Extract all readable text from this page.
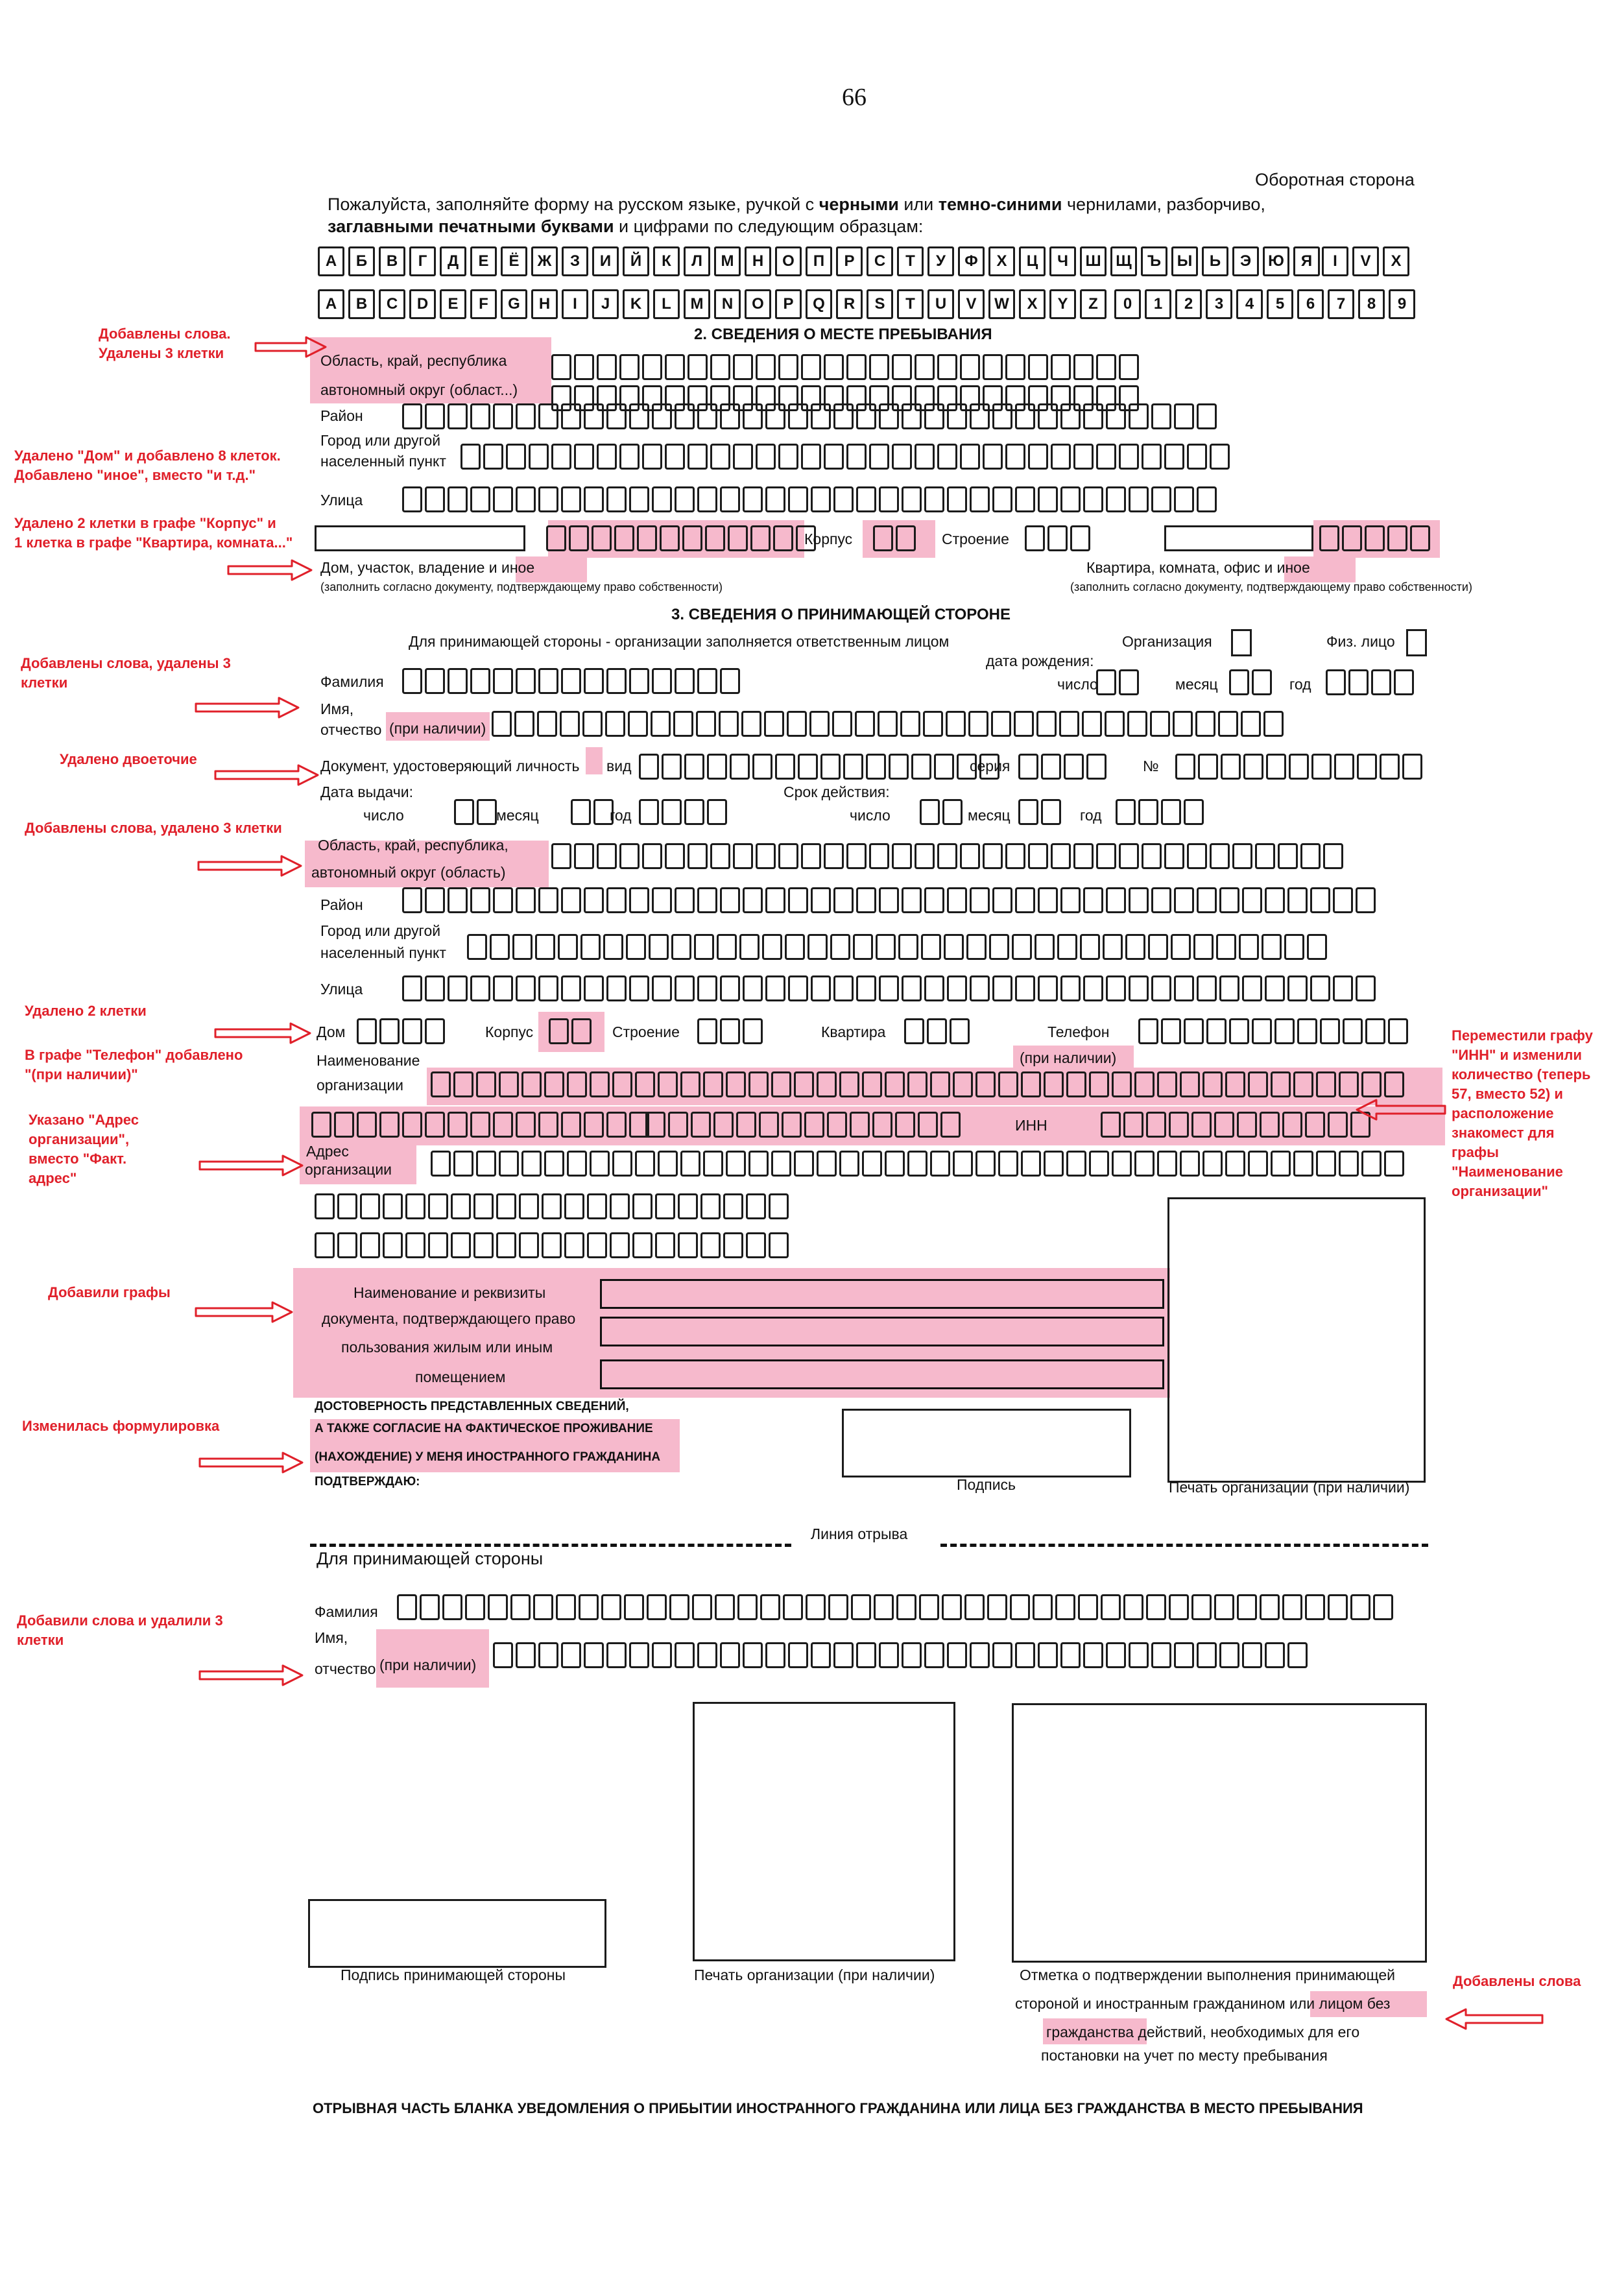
66
Оборотная сторона
Пожалуйста, заполняйте форму на русском языке, ручкой с черными или темно-синими чернилами, разборчиво,
заглавными печатными буквами и цифрами по следующим образцам:
А	Б	В	Г	Д	Е	Ё	Ж	З	И	Й	К	Л	М	Н	О	П	Р	С	Т	У	Ф	Х	Ц	Ч	Ш Щ	Ъ	Ы	Ь	Э	Ю	Я	I	V	X
A	B	C	D	E	F	G	H	I	J	K	L	M	N	O	P	Q	R	S	T	U	V	W	X	Y	Z	0	1	2	3	4	5	6	7	8	9
2. СВЕДЕНИЯ О МЕСТЕ ПРЕБЫВАНИЯ
Область, край, республика
автономный округ (област...)
Район
Город или другой
населенный пункт
Улица
Корпус	Строение
Дом, участок, владение и иное
(заполнить согласно документу, подтверждающему право собственности)
Квартира, комната, офис и иное
(заполнить согласно документу, подтверждающему право собственности)
3. СВЕДЕНИЯ О ПРИНИМАЮЩЕЙ СТОРОНЕ
Для принимающей стороны - организации заполняется ответственным лицом	Организация	Физ. лицо
дата рождения:
Фамилия	число	месяц	год
Имя,
отчество (при наличии)
Документ, удостоверяющий личность вид	серия	№
Дата выдачи:	Срок действия:
число	месяц	год	число	месяц	год
Область, край, республика,
автономный округ (область)
Район
Город или другой
населенный пункт
Улица
Дом	Корпус	Строение	Квартира	Телефон
(при наличии)
Наименование
организации
ИНН
Адрес
организации
Наименование и реквизиты
документа, подтверждающего право
пользования жилым или иным
помещением
ДОСТОВЕРНОСТЬ ПРЕДСТАВЛЕННЫХ СВЕДЕНИЙ,
А ТАКЖЕ СОГЛАСИЕ НА ФАКТИЧЕСКОЕ ПРОЖИВАНИЕ
(НАХОЖДЕНИЕ) У МЕНЯ ИНОСТРАННОГО ГРАЖДАНИНА
ПОДТВЕРЖДАЮ:	Подпись	Печать организации (при наличии)
Линия отрыва
Для принимающей стороны
Фамилия
Имя,
отчество (при наличии)
Подпись принимающей стороны	Печать организации (при наличии)	Отметка о подтверждении выполнения принимающей
стороной и иностранным гражданином или лицом без
гражданства действий, необходимых для его
постановки на учет по месту пребывания
ОТРЫВНАЯ ЧАСТЬ БЛАНКА УВЕДОМЛЕНИЯ О ПРИБЫТИИ ИНОСТРАННОГО ГРАЖДАНИНА ИЛИ ЛИЦА БЕЗ ГРАЖДАНСТВА В МЕСТО ПРЕБЫВАНИЯ
Добавлены слова.
Удалены 3 клетки
Удалено "Дом" и добавлено 8 клеток.
Добавлено "иное", вместо "и т.д."
Удалено 2 клетки в графе "Корпус" и
1 клетка в графе "Квартира, комната..."
Добавлены слова, удалены 3
клетки
Удалено двоеточие
Добавлены слова, удалено 3 клетки
Удалено 2 клетки
В графе "Телефон" добавлено
"(при наличии)"
Указано "Адрес
организации",
вместо "Факт.
адрес"
Добавили графы
Изменилась формулировка
Добавили слова и удалили 3
клетки
Добавлены слова
Переместили графу
"ИНН" и изменили
количество (теперь
57, вместо 52) и
расположение
знакомест для
графы
"Наименование
организации"
